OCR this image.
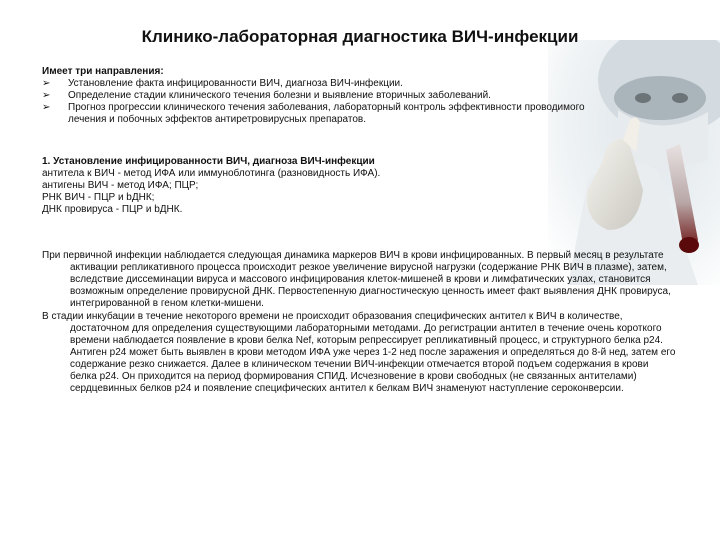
Клинико-лабораторная диагностика ВИЧ-инфекции
Имеет три направления:
➢	Установление факта инфицированности ВИЧ, диагноза ВИЧ-инфекции.
➢	Определение стадии клинического течения болезни и выявление вторичных заболеваний.
➢	Прогноз прогрессии клинического течения заболевания, лабораторный контроль эффективности проводимого лечения и побочных эффектов антиретровирусных препаратов.
1. Установление инфицированности ВИЧ, диагноза ВИЧ-инфекции
антитела к ВИЧ - метод ИФА или иммуноблотинга (разновидность ИФА).
антигены ВИЧ - метод ИФА; ПЦР;
РНК ВИЧ - ПЦР и bДНК;
ДНК провируса - ПЦР и bДНК.

При первичной инфекции наблюдается следующая динамика маркеров ВИЧ в крови инфицированных. В первый месяц в результате активации репликативного процесса происходит резкое увеличение вирусной нагрузки (содержание РНК ВИЧ в плазме), затем, вследствие диссеминации вируса и массового инфицирования клеток-мишеней в крови и лимфатических узлах, становится возможным определение провирусной ДНК. Первостепенную диагностическую ценность имеет факт выявления ДНК провируса, интегрированной в геном клетки-мишени.

В стадии инкубации в течение некоторого времени не происходит образования специфических антител к ВИЧ в количестве, достаточном для определения существующими лабораторными методами. До регистрации антител в течение очень короткого времени наблюдается появление в крови белка Nef, которым репрессирует репликативный процесс, и структурного белка p24. Антиген p24 может быть выявлен в крови методом ИФА уже через 1-2 нед после заражения и определяться до 8-й нед, затем его содержание резко снижается. Далее в клиническом течении ВИЧ-инфекции отмечается второй подъем содержания в крови белка p24. Он приходится на период формирования СПИД. Исчезновение в крови свободных (не связанных антителами) сердцевинных белков p24 и появление специфических антител к белкам ВИЧ знаменуют наступление сероконверсии.
